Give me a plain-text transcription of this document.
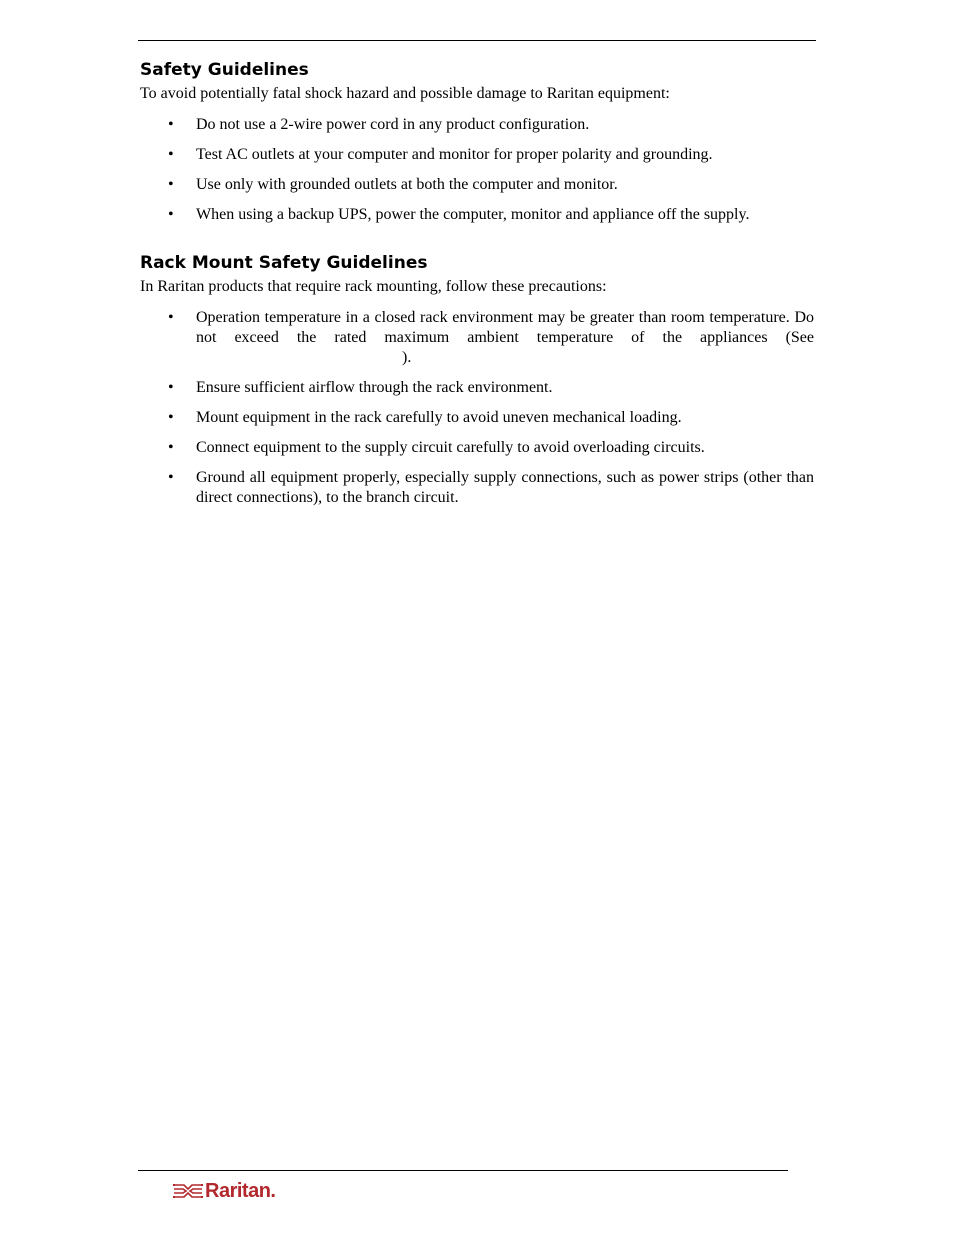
Safety Guidelines

To avoid potentially fatal shock hazard and possible damage to Raritan equipment:

• Do not use a 2-wire power cord in any product configuration.
• Test AC outlets at your computer and monitor for proper polarity and grounding.
• Use only with grounded outlets at both the computer and monitor.
• When using a backup UPS, power the computer, monitor and appliance off the supply.
Rack Mount Safety Guidelines

In Raritan products that require rack mounting, follow these precautions:

• Operation temperature in a closed rack environment may be greater than room temperature. Do not exceed the rated maximum ambient temperature of the appliances (See).
• Ensure sufficient airflow through the rack environment.
• Mount equipment in the rack carefully to avoid uneven mechanical loading.
• Connect equipment to the supply circuit carefully to avoid overloading circuits.
• Ground all equipment properly, especially supply connections, such as power strips (other than direct connections), to the branch circuit.
Raritan .
